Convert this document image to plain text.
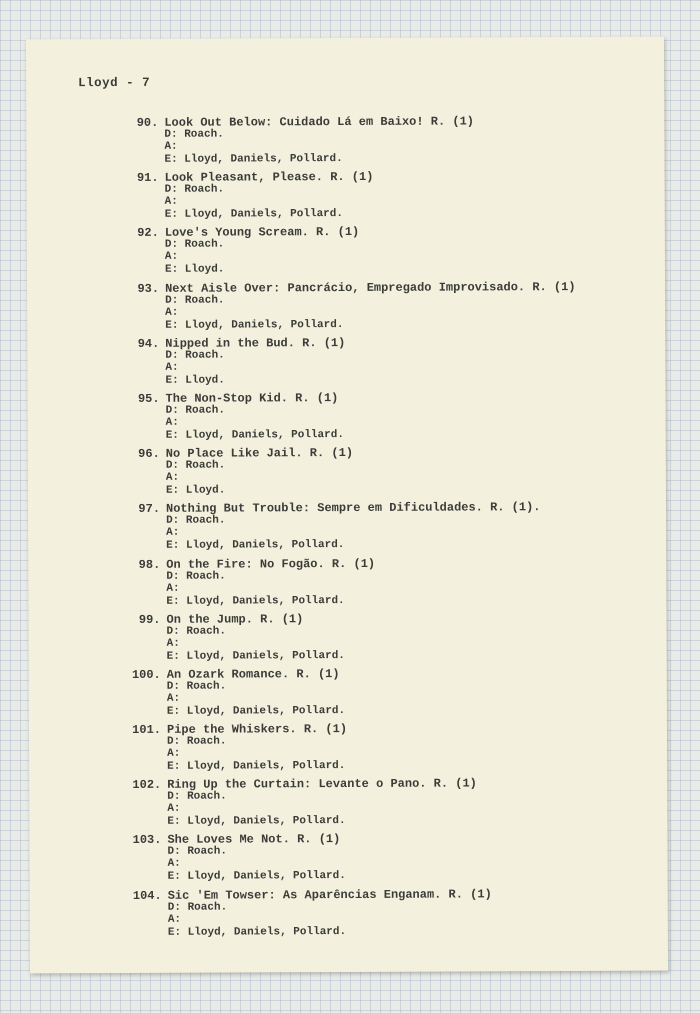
Lloyd - 7
90. Look Out Below: Cuidado Lá em Baixo! R. (1)
D: Roach.
A:
E: Lloyd, Daniels, Pollard.
91. Look Pleasant, Please. R. (1)
D: Roach.
A:
E: Lloyd, Daniels, Pollard.
92. Love's Young Scream. R. (1)
D: Roach.
A:
E: Lloyd.
93. Next Aisle Over: Pancrácio, Empregado Improvisado. R. (1)
D: Roach.
A:
E: Lloyd, Daniels, Pollard.
94. Nipped in the Bud. R. (1)
D: Roach.
A:
E: Lloyd.
95. The Non-Stop Kid. R. (1)
D: Roach.
A:
E: Lloyd, Daniels, Pollard.
96. No Place Like Jail. R. (1)
D: Roach.
A:
E: Lloyd.
97. Nothing But Trouble: Sempre em Dificuldades. R. (1).
D: Roach.
A:
E: Lloyd, Daniels, Pollard.
98. On the Fire: No Fogão. R. (1)
D: Roach.
A:
E: Lloyd, Daniels, Pollard.
99. On the Jump. R. (1)
D: Roach.
A:
E: Lloyd, Daniels, Pollard.
100. An Ozark Romance. R. (1)
D: Roach.
A:
E: Lloyd, Daniels, Pollard.
101. Pipe the Whiskers. R. (1)
D: Roach.
A:
E: Lloyd, Daniels, Pollard.
102. Ring Up the Curtain: Levante o Pano. R. (1)
D: Roach.
A:
E: Lloyd, Daniels, Pollard.
103. She Loves Me Not. R. (1)
D: Roach.
A:
E: Lloyd, Daniels, Pollard.
104. Sic 'Em Towser: As Aparências Enganam. R. (1)
D: Roach.
A:
E: Lloyd, Daniels, Pollard.
